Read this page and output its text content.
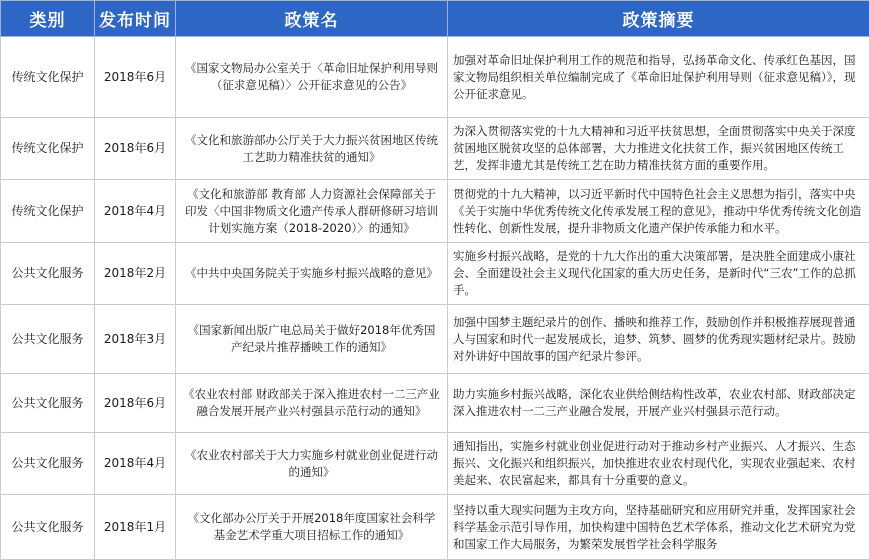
类别	发布时间	政策名	政策摘要
传统文化保护	2018年6月	《国家文物局办公室关于〈革命旧址保护利用导则（征求意见稿）〉公开征求意见的公告》	加强对革命旧址保护利用工作的规范和指导，弘扬革命文化、传承红色基因，国家文物局组织相关单位编制完成了《革命旧址保护利用导则（征求意见稿）》，现公开征求意见。
传统文化保护	2018年6月	《文化和旅游部办公厅关于大力振兴贫困地区传统工艺助力精准扶贫的通知》	为深入贯彻落实党的十九大精神和习近平扶贫思想，全面贯彻落实中央关于深度贫困地区脱贫攻坚的总体部署，大力推进文化扶贫工作，振兴贫困地区传统工艺，发挥非遗尤其是传统工艺在助力精准扶贫方面的重要作用。
传统文化保护	2018年4月	《文化和旅游部 教育部 人力资源社会保障部关于印发〈中国非物质文化遗产传承人群研修研习培训计划实施方案（2018-2020）〉的通知》	贯彻党的十九大精神，以习近平新时代中国特色社会主义思想为指引，落实中央《关于实施中华优秀传统文化传承发展工程的意见》，推动中华优秀传统文化创造性转化、创新性发展，提升非物质文化遗产保护传承能力和水平。
公共文化服务	2018年2月	《中共中央国务院关于实施乡村振兴战略的意见》	实施乡村振兴战略，是党的十九大作出的重大决策部署，是决胜全面建成小康社会、全面建设社会主义现代化国家的重大历史任务，是新时代“三农”工作的总抓手。
公共文化服务	2018年3月	《国家新闻出版广电总局关于做好2018年优秀国产纪录片推荐播映工作的通知》	加强中国梦主题纪录片的创作、播映和推荐工作，鼓励创作并积极推荐展现普通人与国家和时代一起发展成长，追梦、筑梦、圆梦的优秀现实题材纪录片。鼓励对外讲好中国故事的国产纪录片参评。
公共文化服务	2018年6月	《农业农村部 财政部关于深入推进农村一二三产业融合发展开展产业兴村强县示范行动的通知》	助力实施乡村振兴战略，深化农业供给侧结构性改革，农业农村部、财政部决定深入推进农村一二三产业融合发展，开展产业兴村强县示范行动。
公共文化服务	2018年4月	《农业农村部关于大力实施乡村就业创业促进行动的通知》	通知指出，实施乡村就业创业促进行动对于推动乡村产业振兴、人才振兴、生态振兴、文化振兴和组织振兴，加快推进农业农村现代化，实现农业强起来、农村美起来、农民富起来，都具有十分重要的意义。
公共文化服务	2018年1月	《文化部办公厅关于开展2018年度国家社会科学基金艺术学重大项目招标工作的通知》	坚持以重大现实问题为主攻方向，坚持基础研究和应用研究并重，发挥国家社会科学基金示范引导作用，加快构建中国特色艺术学体系，推动文化艺术研究为党和国家工作大局服务，为繁荣发展哲学社会科学服务
